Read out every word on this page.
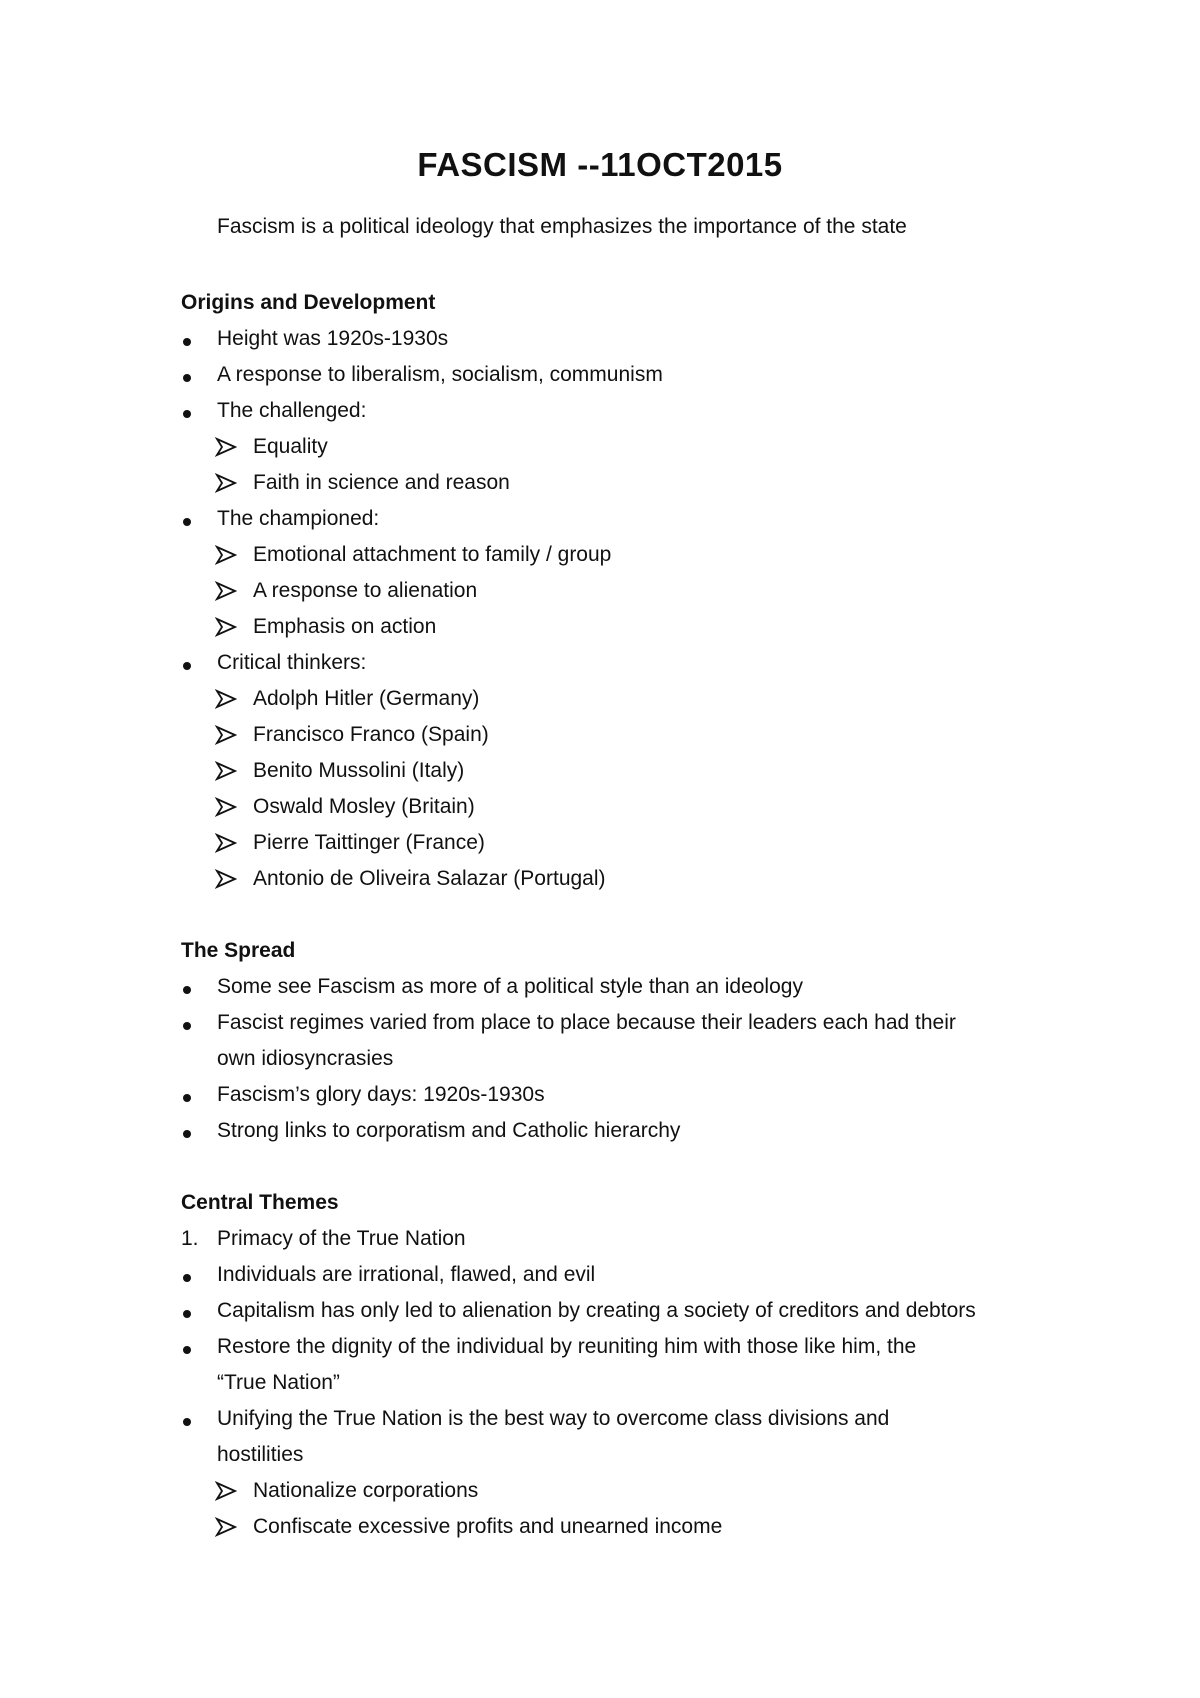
FASCISM --11OCT2015
Fascism is a political ideology that emphasizes the importance of the state
Origins and Development
Height was 1920s-1930s
A response to liberalism, socialism, communism
The challenged:
Equality
Faith in science and reason
The championed:
Emotional attachment to family / group
A response to alienation
Emphasis on action
Critical thinkers:
Adolph Hitler (Germany)
Francisco Franco (Spain)
Benito Mussolini (Italy)
Oswald Mosley (Britain)
Pierre Taittinger (France)
Antonio de Oliveira Salazar (Portugal)
The Spread
Some see Fascism as more of a political style than an ideology
Fascist regimes varied from place to place because their leaders each had their
own idiosyncrasies
Fascism’s glory days: 1920s-1930s
Strong links to corporatism and Catholic hierarchy
Central Themes
1. Primacy of the True Nation
Individuals are irrational, flawed, and evil
Capitalism has only led to alienation by creating a society of creditors and debtors
Restore the dignity of the individual by reuniting him with those like him, the
“True Nation”
Unifying the True Nation is the best way to overcome class divisions and
hostilities
Nationalize corporations
Confiscate excessive profits and unearned income
